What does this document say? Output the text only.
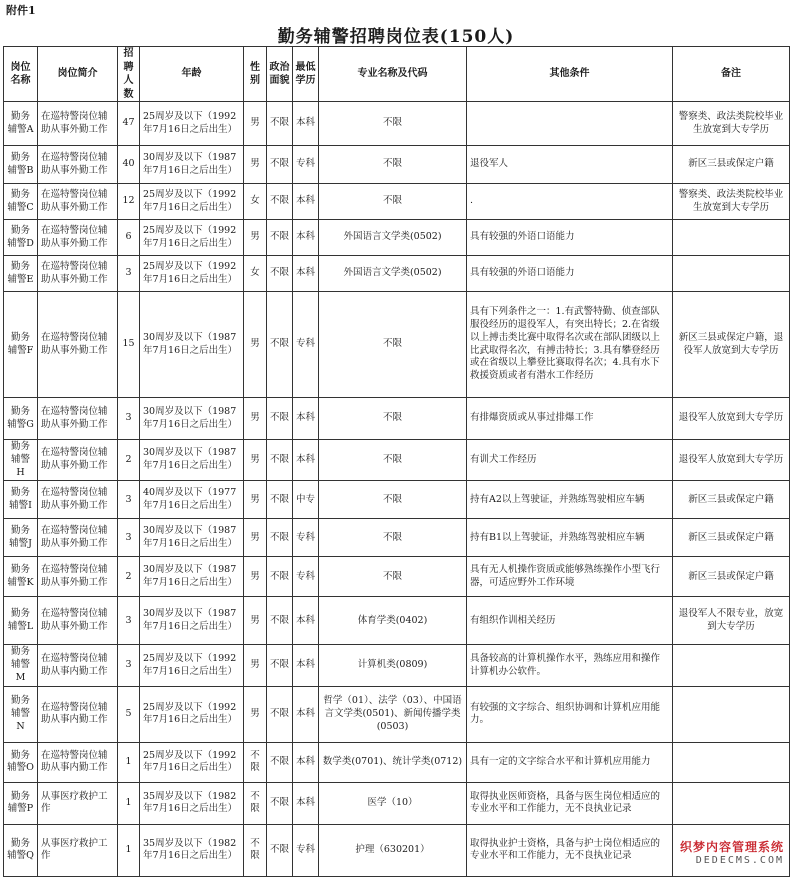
附件1
勤务辅警招聘岗位表(150人)
岗位名称	岗位简介	招聘人数	年龄	性别	政治面貌	最低学历	专业名称及代码	其他条件	备注
勤务辅警A	在巡特警岗位辅助从事外勤工作	47	25周岁及以下（1992年7月16日之后出生）	男	不限	本科	不限		警察类、政法类院校毕业生放宽到大专学历
勤务辅警B	在巡特警岗位辅助从事外勤工作	40	30周岁及以下（1987年7月16日之后出生）	男	不限	专科	不限	退役军人	新区三县或保定户籍
勤务辅警C	在巡特警岗位辅助从事外勤工作	12	25周岁及以下（1992年7月16日之后出生）	女	不限	本科	不限	.	警察类、政法类院校毕业生放宽到大专学历
勤务辅警D	在巡特警岗位辅助从事外勤工作	6	25周岁及以下（1992年7月16日之后出生）	男	不限	本科	外国语言文学类(0502)	具有较强的外语口语能力	
勤务辅警E	在巡特警岗位辅助从事外勤工作	3	25周岁及以下（1992年7月16日之后出生）	女	不限	本科	外国语言文学类(0502)	具有较强的外语口语能力	
勤务辅警F	在巡特警岗位辅助从事外勤工作	15	30周岁及以下（1987年7月16日之后出生）	男	不限	专科	不限	具有下列条件之一：1.有武警特勤、侦查部队服役经历的退役军人，有突出特长；2.在省级以上搏击类比赛中取得名次或在部队团级以上比武取得名次，有搏击特长；3.具有攀登经历或在省级以上攀登比赛取得名次；4.具有水下救援资质或者有潜水工作经历	新区三县或保定户籍，退役军人放宽到大专学历
勤务辅警G	在巡特警岗位辅助从事外勤工作	3	30周岁及以下（1987年7月16日之后出生）	男	不限	本科	不限	有排爆资质或从事过排爆工作	退役军人放宽到大专学历
勤务辅警H	在巡特警岗位辅助从事外勤工作	2	30周岁及以下（1987年7月16日之后出生）	男	不限	本科	不限	有训犬工作经历	退役军人放宽到大专学历
勤务辅警I	在巡特警岗位辅助从事外勤工作	3	40周岁及以下（1977年7月16日之后出生）	男	不限	中专	不限	持有A2以上驾驶证，并熟练驾驶相应车辆	新区三县或保定户籍
勤务辅警J	在巡特警岗位辅助从事外勤工作	3	30周岁及以下（1987年7月16日之后出生）	男	不限	专科	不限	持有B1以上驾驶证，并熟练驾驶相应车辆	新区三县或保定户籍
勤务辅警K	在巡特警岗位辅助从事外勤工作	2	30周岁及以下（1987年7月16日之后出生）	男	不限	专科	不限	具有无人机操作资质或能够熟练操作小型飞行器，可适应野外工作环境	新区三县或保定户籍
勤务辅警L	在巡特警岗位辅助从事外勤工作	3	30周岁及以下（1987年7月16日之后出生）	男	不限	本科	体育学类(0402)	有组织作训相关经历	退役军人不限专业，放宽到大专学历
勤务辅警M	在巡特警岗位辅助从事内勤工作	3	25周岁及以下（1992年7月16日之后出生）	男	不限	本科	计算机类(0809)	具备较高的计算机操作水平，熟练应用和操作计算机办公软件。	
勤务辅警N	在巡特警岗位辅助从事内勤工作	5	25周岁及以下（1992年7月16日之后出生）	男	不限	本科	哲学（01）、法学（03）、中国语言文学类(0501)、新闻传播学类(0503)	有较强的文字综合、组织协调和计算机应用能力。	
勤务辅警O	在巡特警岗位辅助从事内勤工作	1	25周岁及以下（1992年7月16日之后出生）	不限	不限	本科	数学类(0701)、统计学类(0712)	具有一定的文字综合水平和计算机应用能力	
勤务辅警P	从事医疗救护工作	1	35周岁及以下（1982年7月16日之后出生）	不限	不限	本科	医学（10）	取得执业医师资格，具备与医生岗位相适应的专业水平和工作能力，无不良执业记录	
勤务辅警Q	从事医疗救护工作	1	35周岁及以下（1982年7月16日之后出生）	不限	不限	专科	护理（630201）	取得执业护士资格，具备与护士岗位相适应的专业水平和工作能力，无不良执业记录	
织梦内容管理系统
DEDECMS.COM
